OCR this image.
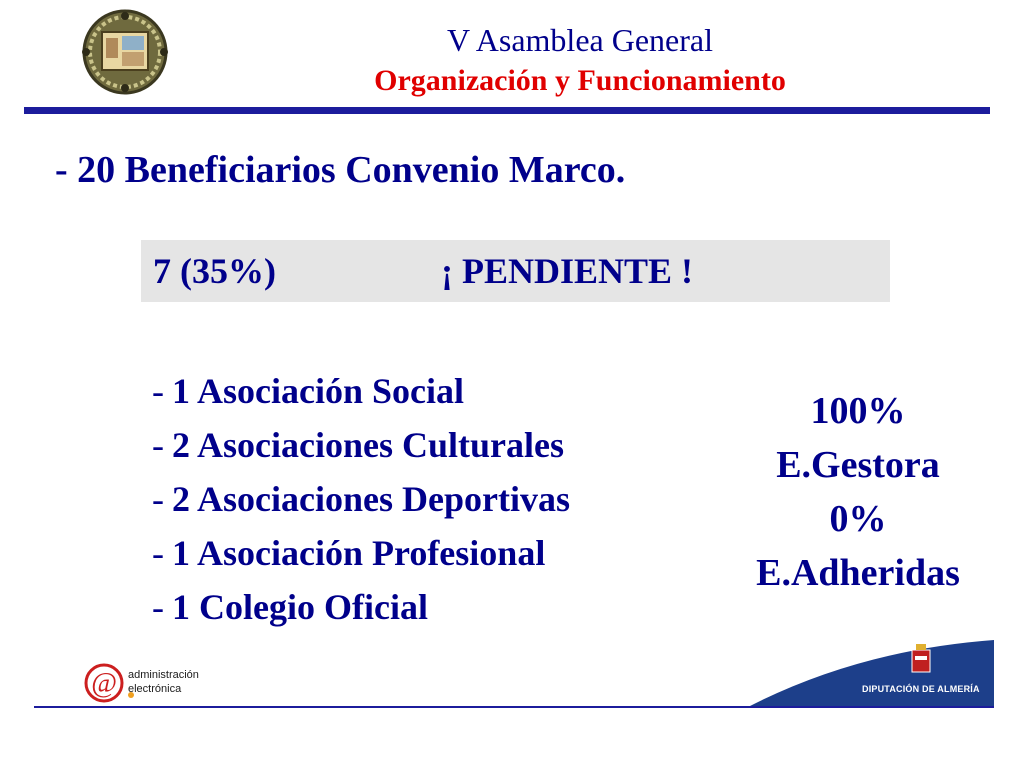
V Asamblea General
Organización y Funcionamiento
- 20 Beneficiarios Convenio Marco.
7 (35%)	¡ PENDIENTE !
- 1 Asociación Social
- 2 Asociaciones Culturales
- 2 Asociaciones Deportivas
- 1 Asociación Profesional
- 1 Colegio Oficial
100%
E.Gestora
0%
E.Adheridas
@ administración
electrónica	DIPUTACIÓN DE ALMERÍA
